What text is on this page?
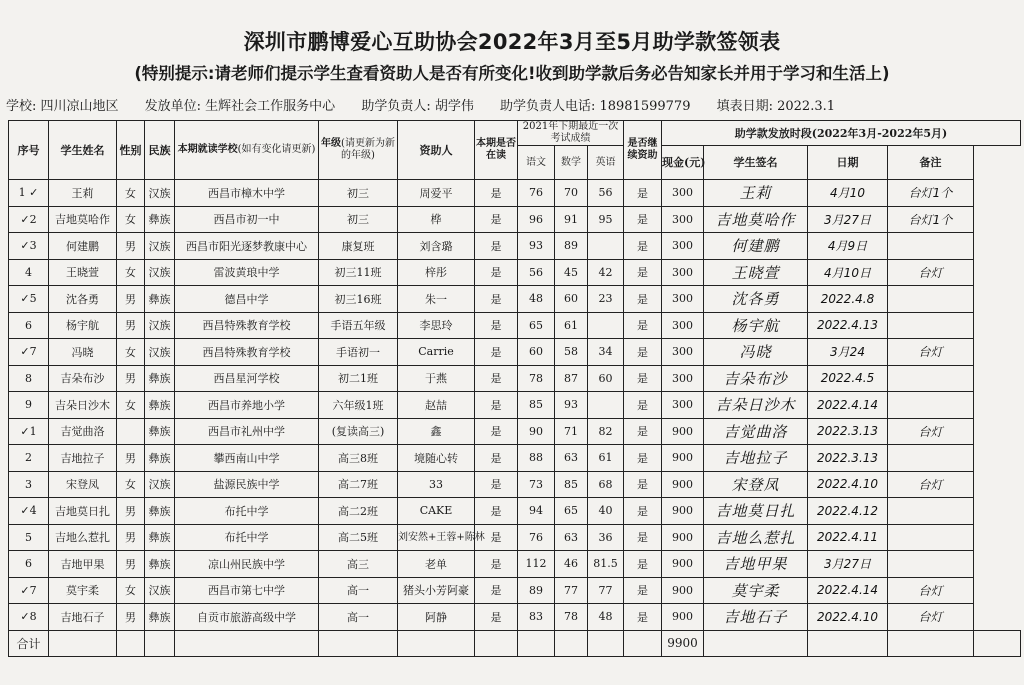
深圳市鹏博爱心互助协会2022年3月至5月助学款签领表
(特别提示:请老师们提示学生查看资助人是否有所变化!收到助学款后务必告知家长并用于学习和生活上)
学校: 四川凉山地区 发放单位: 生辉社会工作服务中心 助学负责人: 胡学伟 助学负责人电话: 18981599779 填表日期: 2022.3.1
序号	学生姓名	性别	民族	本期就读学校(如有变化请更新)	年级(请更新为新的年级)	资助人	本期是否在读	2021年下期最近一次考试成绩			是否继续资助	助学款发放时段(2022年3月-2022年5月)				
								语文	数学	英语		现金(元)	学生签名	日期	备注	
1 ✓	王莉	女	汉族	西昌市樟木中学	初三	周爱平	是	76	70	56	是	300	王莉	4月10	台灯1个	
✓2	吉地莫哈作	女	彝族	西昌市初一中	初三	桦	是	96	91	95	是	300	吉地莫哈作	3月27日	台灯1个	
✓3	何建鹏	男	汉族	西昌市阳光逐梦教康中心	康复班	刘含璐	是	93	89		是	300	何建鹏	4月9日		
4	王晓萱	女	汉族	雷波黄琅中学	初三11班	梓彤	是	56	45	42	是	300	王晓萱	4月10日	台灯	
✓5	沈各勇	男	彝族	德昌中学	初三16班	朱一	是	48	60	23	是	300	沈各勇	2022.4.8		
6	杨宇航	男	汉族	西昌特殊教育学校	手语五年级	李思玲	是	65	61		是	300	杨宇航	2022.4.13		
✓7	冯晓	女	汉族	西昌特殊教育学校	手语初一	Carrie	是	60	58	34	是	300	冯晓	3月24	台灯	
8	吉朵布沙	男	彝族	西昌星河学校	初二1班	于燕	是	78	87	60	是	300	吉朵布沙	2022.4.5		
9	吉朵日沙木	女	彝族	西昌市养地小学	六年级1班	赵喆	是	85	93		是	300	吉朵日沙木	2022.4.14		
✓1	吉觉曲洛		彝族	西昌市礼州中学	(复读高三)	鑫	是	90	71	82	是	900	吉觉曲洛	2022.3.13	台灯	
2	吉地拉子	男	彝族	攀西南山中学	高三8班	境随心转	是	88	63	61	是	900	吉地拉子	2022.3.13		
3	宋登凤	女	汉族	盐源民族中学	高二7班	33	是	73	85	68	是	900	宋登凤	2022.4.10	台灯	
✓4	吉地莫日扎	男	彝族	布托中学	高二2班	CAKE	是	94	65	40	是	900	吉地莫日扎	2022.4.12		
5	吉地么惹扎	男	彝族	布托中学	高二5班	刘安然+王蓉+陈林	是	76	63	36	是	900	吉地么惹扎	2022.4.11		
6	吉地甲果	男	彝族	凉山州民族中学	高三	老单	是	112	46	81.5	是	900	吉地甲果	3月27日		
✓7	莫宇柔	女	汉族	西昌市第七中学	高一	猪头小芳阿豪	是	89	77	77	是	900	莫宇柔	2022.4.14	台灯	
✓8	吉地石子	男	彝族	自贡市旅游高级中学	高一	阿静	是	83	78	48	是	900	吉地石子	2022.4.10	台灯	
合计												9900				
